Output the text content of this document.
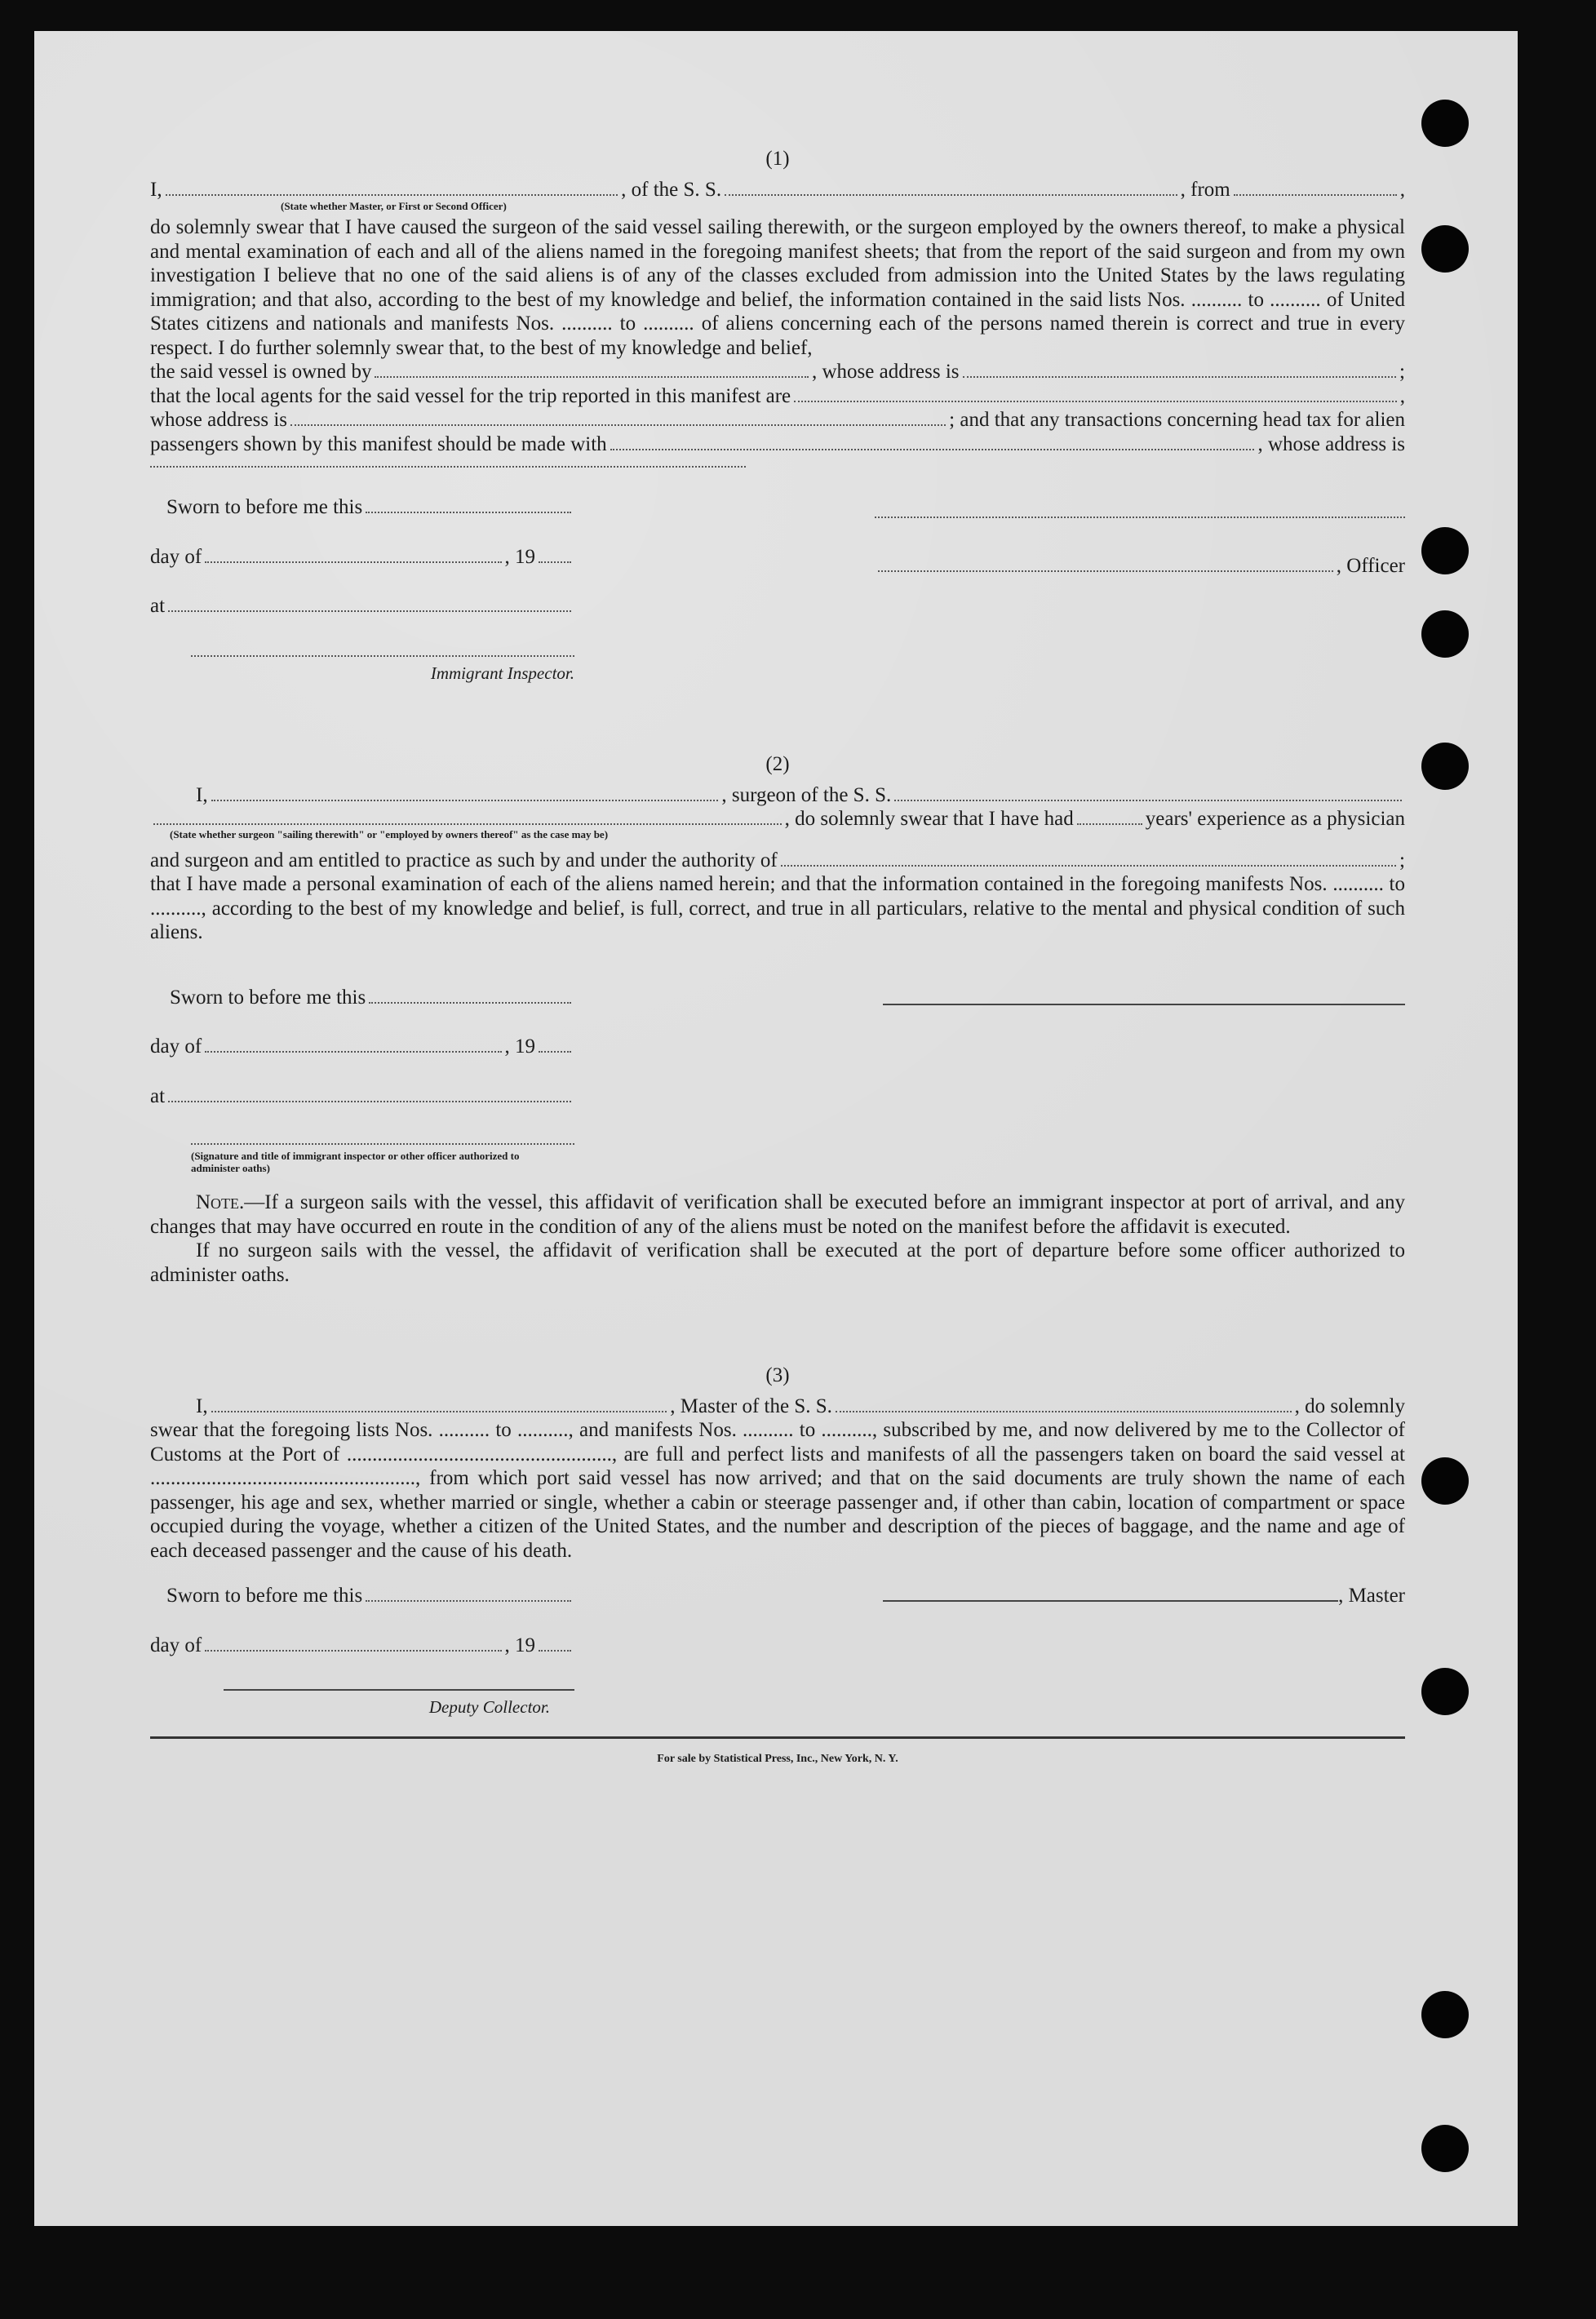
(1)
I,	, of the S. S.	, from	,
(State whether Master, or First or Second Officer)
do solemnly swear that I have caused the surgeon of the said vessel sailing therewith, or the surgeon employed by the owners thereof, to make a physical and mental examination of each and all of the aliens named in the foregoing manifest sheets; that from the report of the said surgeon and from my own investigation I believe that no one of the said aliens is of any of the classes excluded from admission into the United States by the laws regulating immigration; and that also, according to the best of my knowledge and belief, the information contained in the said lists Nos. .......... to .......... of United States citizens and nationals and manifests Nos. .......... to .......... of aliens concerning each of the persons named therein is correct and true in every respect. I do further solemnly swear that, to the best of my knowledge and belief,
the said vessel is owned by	, whose address is	;
that the local agents for the said vessel for the trip reported in this manifest are	,
whose address is	; and that any transactions concerning head tax for alien
passengers shown by this manifest should be made with	, whose address is
Sworn to before me this
day of	, 19
at
Immigrant Inspector.
, Officer
(2)
I,	, surgeon of the S. S.
, do solemnly swear that I have had	years' experience as a physician
(State whether surgeon "sailing therewith" or "employed by owners thereof" as the case may be)
and surgeon and am entitled to practice as such by and under the authority of	;
that I have made a personal examination of each of the aliens named herein; and that the information contained in the foregoing manifests Nos. .......... to .........., according to the best of my knowledge and belief, is full, correct, and true in all particulars, relative to the mental and physical condition of such aliens.
Sworn to before me this
day of	, 19
at
(Signature and title of immigrant inspector or other officer authorized to administer oaths)
Note.—If a surgeon sails with the vessel, this affidavit of verification shall be executed before an immigrant inspector at port of arrival, and any changes that may have occurred en route in the condition of any of the aliens must be noted on the manifest before the affidavit is executed.
If no surgeon sails with the vessel, the affidavit of verification shall be executed at the port of departure before some officer authorized to administer oaths.
(3)
I,	, Master of the S. S.	, do solemnly
swear that the foregoing lists Nos. .......... to .........., and manifests Nos. .......... to .........., subscribed by me, and now delivered by me to the Collector of Customs at the Port of ...................................................., are full and perfect lists and manifests of all the passengers taken on board the said vessel at ...................................................., from which port said vessel has now arrived; and that on the said documents are truly shown the name of each passenger, his age and sex, whether married or single, whether a cabin or steerage passenger and, if other than cabin, location of compartment or space occupied during the voyage, whether a citizen of the United States, and the number and description of the pieces of baggage, and the name and age of each deceased passenger and the cause of his death.
Sworn to before me this
day of	, 19
Deputy Collector.
, Master
For sale by Statistical Press, Inc., New York, N. Y.
